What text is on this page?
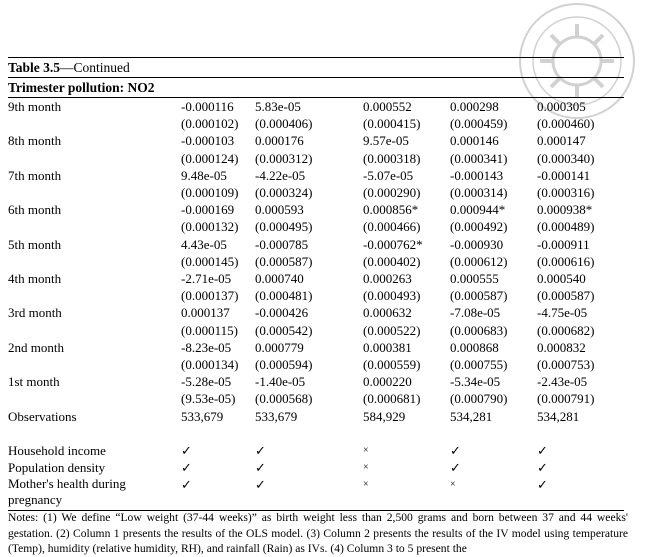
Table 3.5—Continued
Trimester pollution: NO2
9th month	-0.000116	5.83e-05	0.000552	0.000298	0.000305
	(0.000102)	(0.000406)	(0.000415)	(0.000459)	(0.000460)
8th month	-0.000103	0.000176	9.57e-05	0.000146	0.000147
	(0.000124)	(0.000312)	(0.000318)	(0.000341)	(0.000340)
7th month	9.48e-05	-4.22e-05	-5.07e-05	-0.000143	-0.000141
	(0.000109)	(0.000324)	(0.000290)	(0.000314)	(0.000316)
6th month	-0.000169	0.000593	0.000856*	0.000944*	0.000938*
	(0.000132)	(0.000495)	(0.000466)	(0.000492)	(0.000489)
5th month	4.43e-05	-0.000785	-0.000762*	-0.000930	-0.000911
	(0.000145)	(0.000587)	(0.000402)	(0.000612)	(0.000616)
4th month	-2.71e-05	0.000740	0.000263	0.000555	0.000540
	(0.000137)	(0.000481)	(0.000493)	(0.000587)	(0.000587)
3rd month	0.000137	-0.000426	0.000632	-7.08e-05	-4.75e-05
	(0.000115)	(0.000542)	(0.000522)	(0.000683)	(0.000682)
2nd month	-8.23e-05	0.000779	0.000381	0.000868	0.000832
	(0.000134)	(0.000594)	(0.000559)	(0.000755)	(0.000753)
1st month	-5.28e-05	-1.40e-05	0.000220	-5.34e-05	-2.43e-05
	(9.53e-05)	(0.000568)	(0.000681)	(0.000790)	(0.000791)
Observations	533,679	533,679	584,929	534,281	534,281

Household income	✓	✓	×	✓	✓
Population density	✓	✓	×	✓	✓
Mother's health during pregnancy	✓	✓	×	×	✓
Notes: (1) We define “Low weight (37-44 weeks)” as birth weight less than 2,500 grams and born between 37 and 44 weeks' gestation. (2) Column 1 presents the results of the OLS model. (3) Column 2 presents the results of the IV model using temperature (Temp), humidity (relative humidity, RH), and rainfall (Rain) as IVs. (4) Column 3 to 5 present the
